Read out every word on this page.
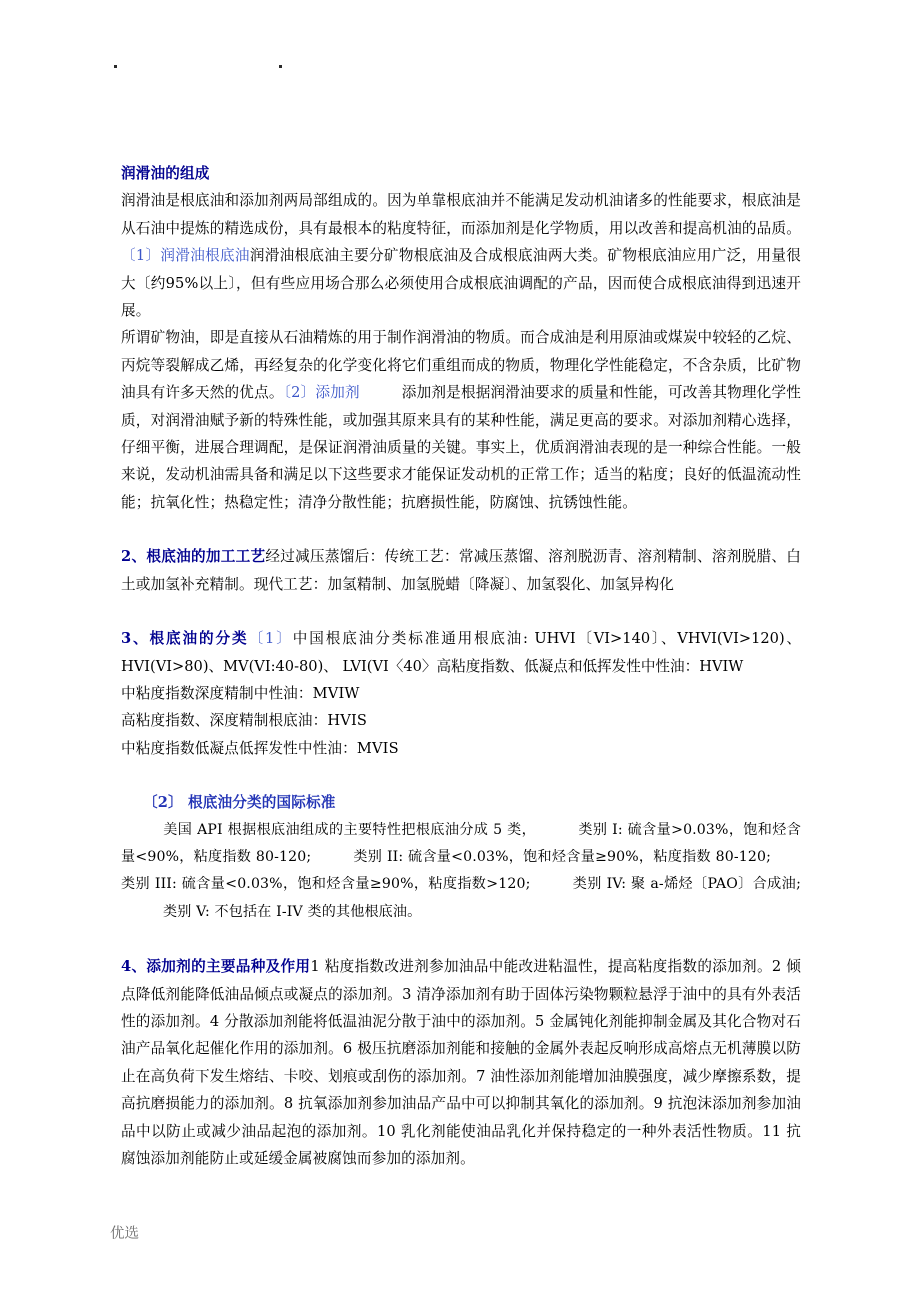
润滑油的组成

润滑油是根底油和添加剂两局部组成的。因为单靠根底油并不能满足发动机油诸多的性能要求，根底油是从石油中提炼的精选成份，具有最根本的粘度特征，而添加剂是化学物质，用以改善和提高机油的品质。〔1〕润滑油根底油润滑油根底油主要分矿物根底油及合成根底油两大类。矿物根底油应用广泛，用量很大〔约95%以上〕，但有些应用场合那么必须使用合成根底油调配的产品，因而使合成根底油得到迅速开展。

所谓矿物油，即是直接从石油精炼的用于制作润滑油的物质。而合成油是利用原油或煤炭中较轻的乙烷、丙烷等裂解成乙烯，再经复杂的化学变化将它们重组而成的物质，物理化学性能稳定，不含杂质，比矿物油具有许多天然的优点。〔2〕添加剂	添加剂是根据润滑油要求的质量和性能，可改善其物理化学性质，对润滑油赋予新的特殊性能，或加强其原来具有的某种性能，满足更高的要求。对添加剂精心选择，仔细平衡，进展合理调配，是保证润滑油质量的关键。事实上，优质润滑油表现的是一种综合性能。一般来说，发动机油需具备和满足以下这些要求才能保证发动机的正常工作；适当的粘度；良好的低温流动性能；抗氧化性；热稳定性；清净分散性能；抗磨损性能，防腐蚀、抗锈蚀性能。

2、根底油的加工工艺经过减压蒸馏后：传统工艺：常减压蒸馏、溶剂脱沥青、溶剂精制、溶剂脱腊、白土或加氢补充精制。现代工艺：加氢精制、加氢脱蜡〔降凝〕、加氢裂化、加氢异构化

3、根底油的分类〔1〕中国根底油分类标准通用根底油: UHVI〔VI>140〕、VHVI(VI>120)、HVI(VI>80)、MV(VI:40-80)、 LVI(VI〈40〉高粘度指数、低凝点和低挥发性中性油：HVIW

中粘度指数深度精制中性油：MVIW

高粘度指数、深度精制根底油：HVIS

中粘度指数低凝点低挥发性中性油：MVIS

〔2〕 根底油分类的国际标准

美国 API 根据根底油组成的主要特性把根底油分成 5 类，	类别 I: 硫含量>0.03%，饱和烃含量<90%，粘度指数 80-120;	类别 II: 硫含量<0.03%，饱和烃含量≥90%，粘度指数 80-120;类别 III: 硫含量<0.03%，饱和烃含量≥90%，粘度指数>120;	类别 IV: 聚 a-烯烃〔PAO〕合成油;类别 V: 不包括在 I-IV 类的其他根底油。

4、添加剂的主要品种及作用1 粘度指数改进剂参加油品中能改进粘温性，提高粘度指数的添加剂。2 倾点降低剂能降低油品倾点或凝点的添加剂。3 清净添加剂有助于固体污染物颗粒悬浮于油中的具有外表活性的添加剂。4 分散添加剂能将低温油泥分散于油中的添加剂。5 金属钝化剂能抑制金属及其化合物对石油产品氧化起催化作用的添加剂。6 极压抗磨添加剂能和接触的金属外表起反响形成高熔点无机薄膜以防止在高负荷下发生熔结、卡咬、划痕或刮伤的添加剂。7 油性添加剂能增加油膜强度，减少摩擦系数，提高抗磨损能力的添加剂。8 抗氧添加剂参加油品产品中可以抑制其氧化的添加剂。9 抗泡沫添加剂参加油品中以防止或减少油品起泡的添加剂。10 乳化剂能使油品乳化并保持稳定的一种外表活性物质。11 抗腐蚀添加剂能防止或延缓金属被腐蚀而参加的添加剂。

优选
